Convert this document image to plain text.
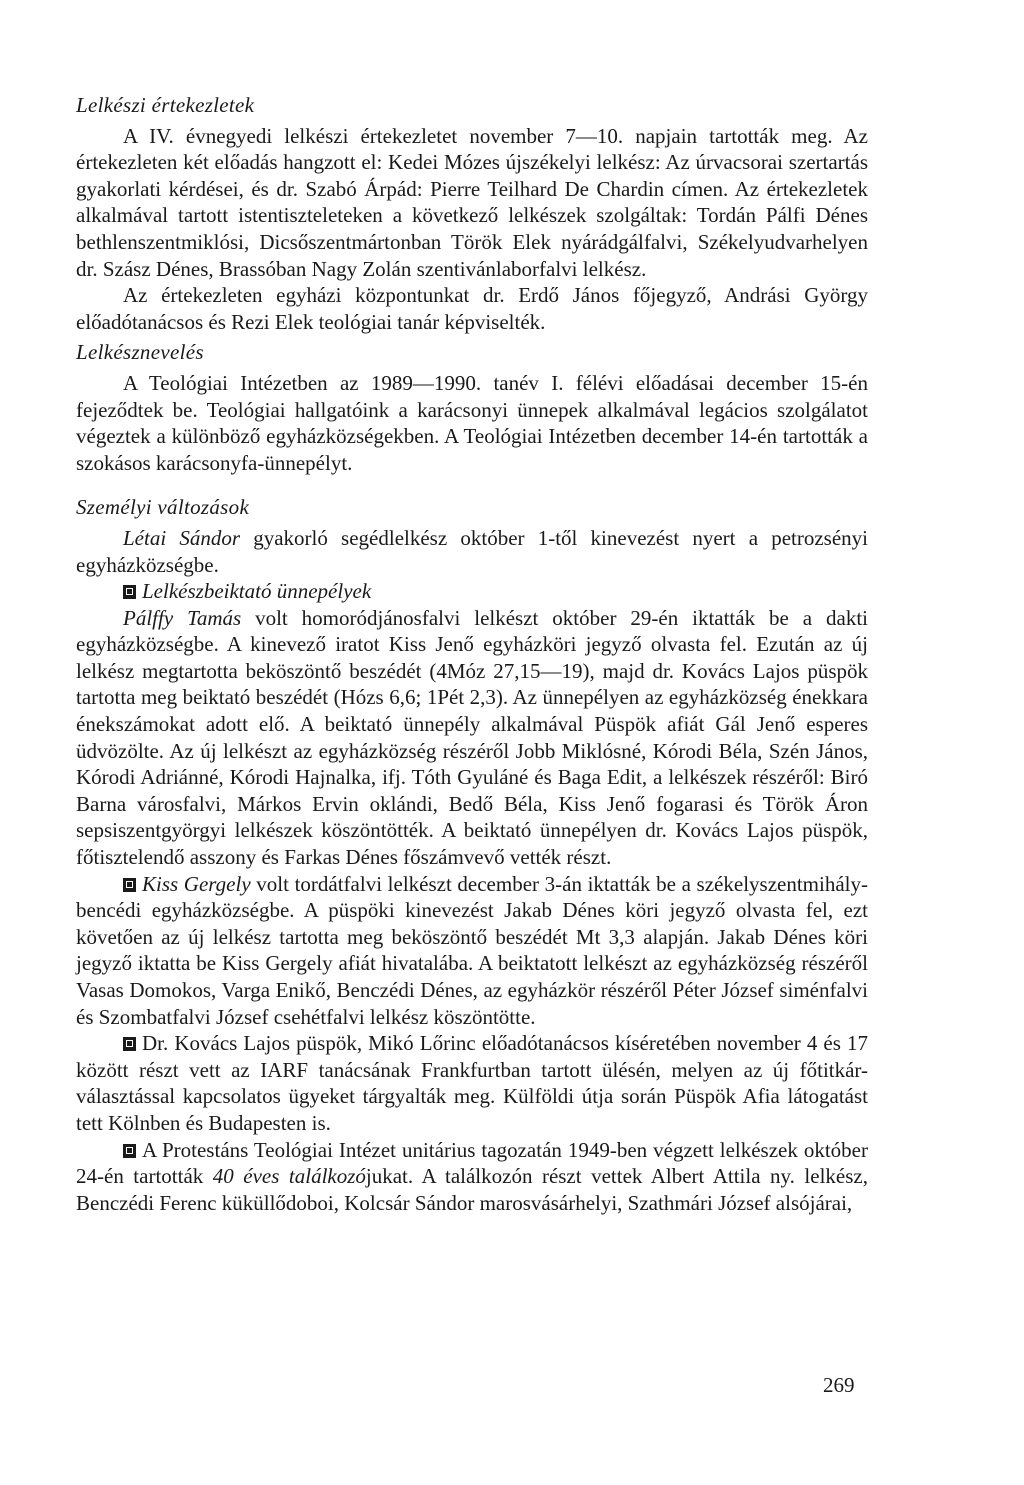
Lelkészi értekezletek

A IV. évnegyedi lelkészi értekezletet november 7—10. napjain tartották meg. Az értekezleten két előadás hangzott el: Kedei Mózes újszékelyi lelkész: Az úrvacsorai szertartás gyakorlati kérdései, és dr. Szabó Árpád: Pierre Teilhard De Chardin címen. Az értekezletek alkalmával tartott istentiszteleteken a következő lelkészek szolgáltak: Tordán Pálfi Dénes bethlenszentmiklósi, Dicsőszentmártonban Török Elek nyárádgálfalvi, Székelyudvarhelyen dr. Szász Dénes, Brassóban Nagy Zolán szentivánlaborfalvi lelkész.

Az értekezleten egyházi központunkat dr. Erdő János főjegyző, Andrási György előadótanácsos és Rezi Elek teológiai tanár képviselték.

Lelkésznevelés

A Teológiai Intézetben az 1989—1990. tanév I. félévi előadásai december 15-én fejeződtek be. Teológiai hallgatóink a karácsonyi ünnepek alkalmával legácios szolgálatot végeztek a különböző egyházközségekben. A Teológiai Intézetben december 14-én tartották a szokásos karácsonyfa-ünnepélyt.

Személyi változások

Létai Sándor gyakorló segédlelkész október 1-től kinevezést nyert a petrozsényi egyházközségbe.

Lelkészbeiktató ünnepélyek

Pálffy Tamás volt homoródjánosfalvi lelkészt október 29-én iktatták be a dakti egyházközségbe. A kinevező iratot Kiss Jenő egyházköri jegyző olvasta fel. Ezután az új lelkész megtartotta beköszöntő beszédét (4Móz 27,15—19), majd dr. Kovács Lajos püspök tartotta meg beiktató beszédét (Hózs 6,6; 1Pét 2,3). Az ünnepélyen az egyházközség énekkara énekszámokat adott elő. A beiktató ünnepély alkalmával Püspök afiát Gál Jenő esperes üdvözölte. Az új lelkészt az egyházközség részéről Jobb Miklósné, Kórodi Béla, Szén János, Kórodi Adriánné, Kórodi Hajnalka, ifj. Tóth Gyuláné és Baga Edit, a lelkészek részéről: Biró Barna városfalvi, Márkos Ervin oklándi, Bedő Béla, Kiss Jenő fogarasi és Török Áron sepsiszentgyörgyi lelkészek köszöntötték. A beiktató ünnepélyen dr. Kovács Lajos püspök, főtisztelendő asszony és Farkas Dénes főszámvevő vették részt.

Kiss Gergely volt tordátfalvi lelkészt december 3-án iktatták be a székelyszentmihály-bencédi egyházközségbe. A püspöki kinevezést Jakab Dénes köri jegyző olvasta fel, ezt követően az új lelkész tartotta meg beköszöntő beszédét Mt 3,3 alapján. Jakab Dénes köri jegyző iktatta be Kiss Gergely afiát hivatalába. A beiktatott lelkészt az egyházközség részéről Vasas Domokos, Varga Enikő, Benczédi Dénes, az egyházkör részéről Péter József siménfalvi és Szombatfalvi József csehétfalvi lelkész köszöntötte.

Dr. Kovács Lajos püspök, Mikó Lőrinc előadótanácsos kíséretében november 4 és 17 között részt vett az IARF tanácsának Frankfurtban tartott ülésén, melyen az új főtitkár-választással kapcsolatos ügyeket tárgyalták meg. Külföldi útja során Püspök Afia látogatást tett Kölnben és Budapesten is.

A Protestáns Teológiai Intézet unitárius tagozatán 1949-ben végzett lelkészek október 24-én tartották 40 éves találkozójukat. A találkozón részt vettek Albert Attila ny. lelkész, Benczédi Ferenc küküllődoboi, Kolcsár Sándor marosvásárhelyi, Szathmári József alsójárai,

269
